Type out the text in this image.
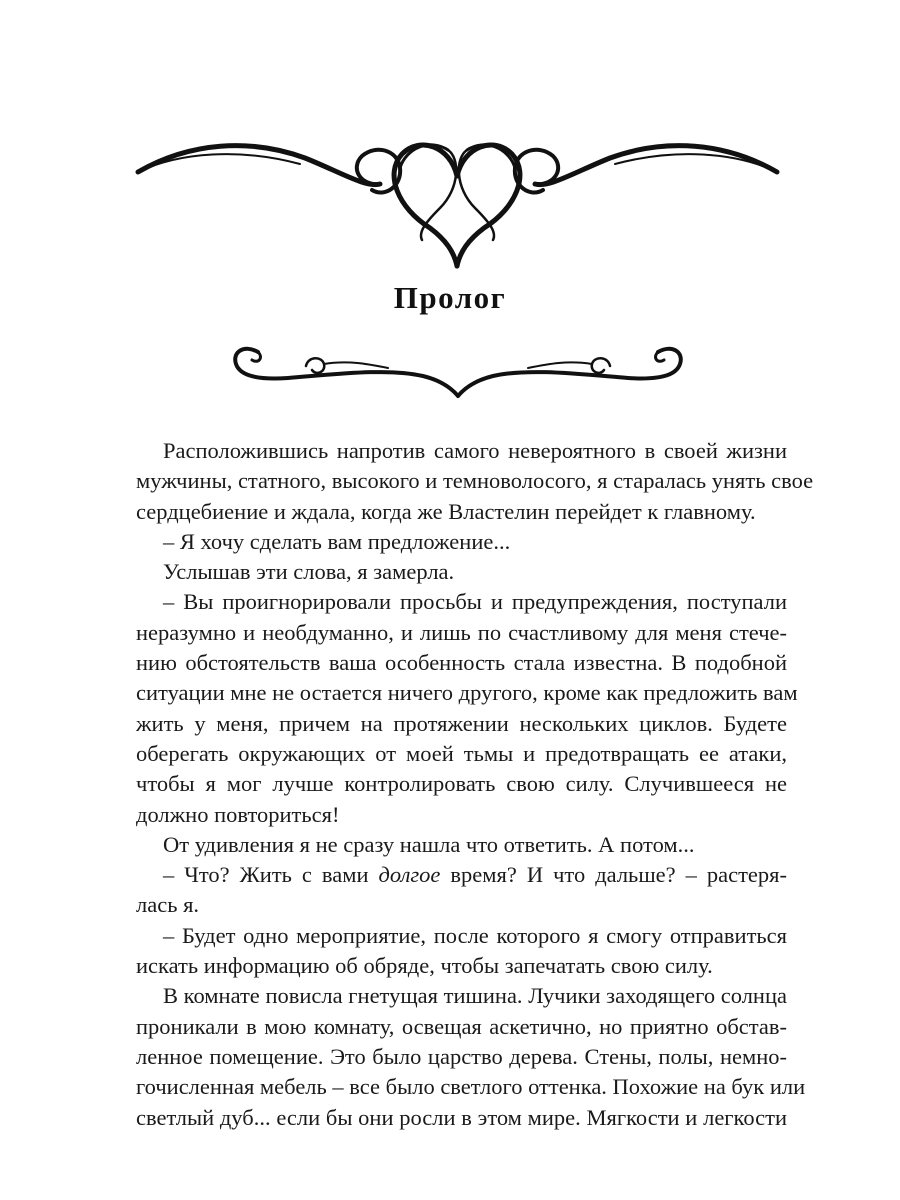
Пролог
Расположившись напротив самого невероятного в своей жизни
мужчины, статного, высокого и темноволосого, я старалась унять свое
сердцебиение и ждала, когда же Властелин перейдет к главному.
– Я хочу сделать вам предложение...
Услышав эти слова, я замерла.
– Вы проигнорировали просьбы и предупреждения, поступали
неразумно и необдуманно, и лишь по счастливому для меня стече-
нию обстоятельств ваша особенность стала известна. В подобной
ситуации мне не остается ничего другого, кроме как предложить вам
жить у меня, причем на протяжении нескольких циклов. Будете
оберегать окружающих от моей тьмы и предотвращать ее атаки,
чтобы я мог лучше контролировать свою силу. Случившееся не
должно повториться!
От удивления я не сразу нашла что ответить. А потом...
– Что? Жить с вами долгое время? И что дальше? – растеря-
лась я.
– Будет одно мероприятие, после которого я смогу отправиться
искать информацию об обряде, чтобы запечатать свою силу.
В комнате повисла гнетущая тишина. Лучики заходящего солнца
проникали в мою комнату, освещая аскетично, но приятно обстав-
ленное помещение. Это было царство дерева. Стены, полы, немно-
гочисленная мебель – все было светлого оттенка. Похожие на бук или
светлый дуб... если бы они росли в этом мире. Мягкости и легкости
